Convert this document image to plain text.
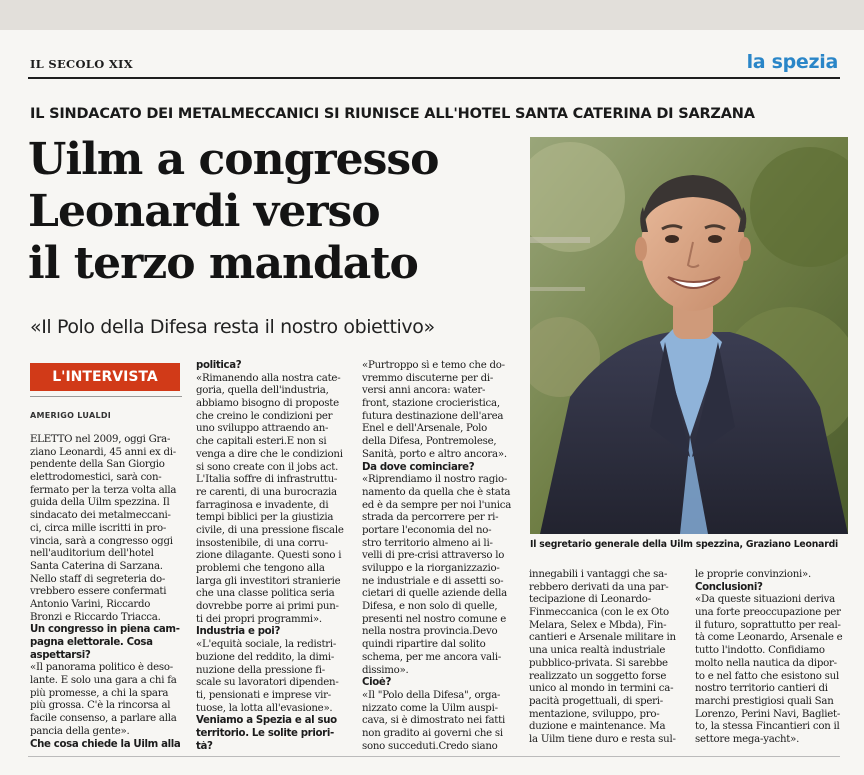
IL SECOLO XIX	la spezia
IL SINDACATO DEI METALMECCANICI SI RIUNISCE ALL'HOTEL SANTA CATERINA DI SARZANA
Uilm a congresso
Leonardi verso
il terzo mandato
«Il Polo della Difesa resta il nostro obiettivo»
L'INTERVISTA
AMERIGO LUALDI
Il segretario generale della Uilm spezzina, Graziano Leonardi
ELETTO nel 2009, oggi Gra-
ziano Leonardi, 45 anni ex di-
pendente della San Giorgio
elettrodomestici, sarà con-
fermato per la terza volta alla
guida della Uilm spezzina. Il
sindacato dei metalmeccani-
ci, circa mille iscritti in pro-
vincia, sarà a congresso oggi
nell'auditorium dell'hotel
Santa Caterina di Sarzana.
Nello staff di segreteria do-
vrebbero essere confermati
Antonio Varini, Riccardo
Bronzi e Riccardo Triacca.
Un congresso in piena cam-
pagna elettorale. Cosa
aspettarsi?
«Il panorama politico è deso-
lante. È solo una gara a chi fa
più promesse, a chi la spara
più grossa. C'è la rincorsa al
facile consenso, a parlare alla
pancia della gente».
Che cosa chiede la Uilm alla
politica?
«Rimanendo alla nostra cate-
goria, quella dell'industria,
abbiamo bisogno di proposte
che creino le condizioni per
uno sviluppo attraendo an-
che capitali esteri.E non si
venga a dire che le condizioni
si sono create con il jobs act.
L'Italia soffre di infrastruttu-
re carenti, di una burocrazia
farraginosa e invadente, di
tempi biblici per la giustizia
civile, di una pressione fiscale
insostenibile, di una corru-
zione dilagante. Questi sono i
problemi che tengono alla
larga gli investitori stranierie
che una classe politica seria
dovrebbe porre ai primi pun-
ti dei propri programmi».
Industria e poi?
«L'equità sociale, la redistri-
buzione del reddito, la dimi-
nuzione della pressione fi-
scale su lavoratori dipenden-
ti, pensionati e imprese vir-
tuose, la lotta all'evasione».
Veniamo a Spezia e al suo
territorio. Le solite priori-
tà?
«Purtroppo sì e temo che do-
vremmo discuterne per di-
versi anni ancora: water-
front, stazione crocieristica,
futura destinazione dell'area
Enel e dell'Arsenale, Polo
della Difesa, Pontremolese,
Sanità, porto e altro ancora».
Da dove cominciare?
«Riprendiamo il nostro ragio-
namento da quella che è stata
ed è da sempre per noi l'unica
strada da percorrere per ri-
portare l'economia del no-
stro territorio almeno ai li-
velli di pre-crisi attraverso lo
sviluppo e la riorganizzazio-
ne industriale e di assetti so-
cietari di quelle aziende della
Difesa, e non solo di quelle,
presenti nel nostro comune e
nella nostra provincia.Devo
quindi ripartire dal solito
schema, per me ancora vali-
dissimo».
Cioè?
«Il "Polo della Difesa", orga-
nizzato come la Uilm auspi-
cava, si è dimostrato nei fatti
non gradito ai governi che si
sono succeduti.Credo siano
innegabili i vantaggi che sa-
rebbero derivati da una par-
tecipazione di Leonardo-
Finmeccanica (con le ex Oto
Melara, Selex e Mbda), Fin-
cantieri e Arsenale militare in
una unica realtà industriale
pubblico-privata. Si sarebbe
realizzato un soggetto forse
unico al mondo in termini ca-
pacità progettuali, di speri-
mentazione, sviluppo, pro-
duzione e maintenance. Ma
la Uilm tiene duro e resta sul-
le proprie convinzioni».
Conclusioni?
«Da queste situazioni deriva
una forte preoccupazione per
il futuro, soprattutto per real-
tà come Leonardo, Arsenale e
tutto l'indotto. Confidiamo
molto nella nautica da dipor-
to e nel fatto che esistono sul
nostro territorio cantieri di
marchi prestigiosi quali San
Lorenzo, Perini Navi, Bagliet-
to, la stessa Fincantieri con il
settore mega-yacht».
